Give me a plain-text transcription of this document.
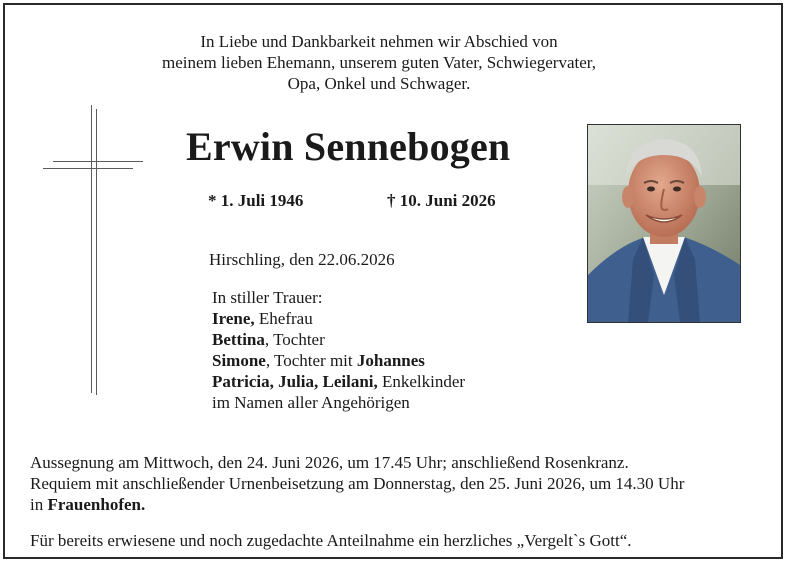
In Liebe und Dankbarkeit nehmen wir Abschied von
meinem lieben Ehemann, unserem guten Vater, Schwiegervater,
Opa, Onkel und Schwager.
Erwin Sennebogen
* 1. Juli 1946	† 10. Juni 2026
Hirschling, den 22.06.2026
In stiller Trauer:
Irene, Ehefrau
Bettina, Tochter
Simone, Tochter mit Johannes
Patricia, Julia, Leilani, Enkelkinder
im Namen aller Angehörigen
Aussegnung am Mittwoch, den 24. Juni 2026, um 17.45 Uhr; anschließend Rosenkranz.
Requiem mit anschließender Urnenbeisetzung am Donnerstag, den 25. Juni 2026, um 14.30 Uhr
in Frauenhofen.
Für bereits erwiesene und noch zugedachte Anteilnahme ein herzliches „Vergelt`s Gott“.
